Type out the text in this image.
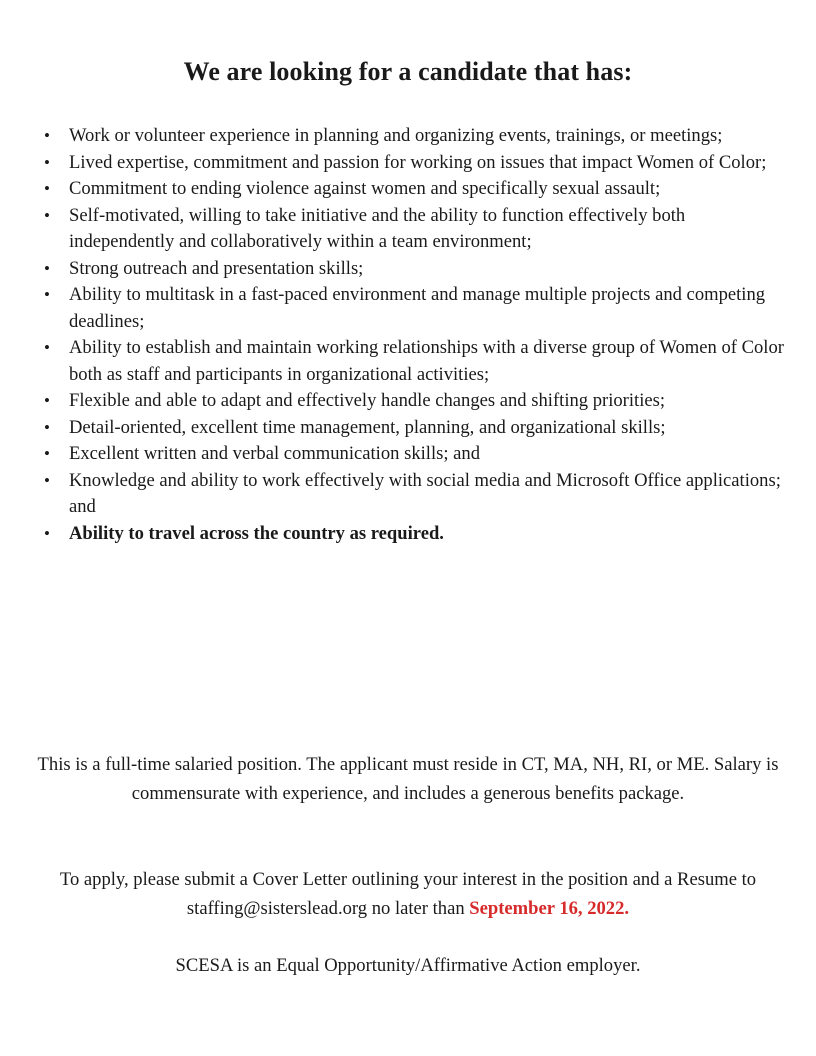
We are looking for a candidate that has:
• Work or volunteer experience in planning and organizing events, trainings, or meetings;
• Lived expertise, commitment and passion for working on issues that impact Women of Color;
• Commitment to ending violence against women and specifically sexual assault;
• Self-motivated, willing to take initiative and the ability to function effectively both independently and collaboratively within a team environment;
• Strong outreach and presentation skills;
• Ability to multitask in a fast-paced environment and manage multiple projects and competing deadlines;
• Ability to establish and maintain working relationships with a diverse group of Women of Color both as staff and participants in organizational activities;
• Flexible and able to adapt and effectively handle changes and shifting priorities;
• Detail-oriented, excellent time management, planning, and organizational skills;
• Excellent written and verbal communication skills; and
• Knowledge and ability to work effectively with social media and Microsoft Office applications; and
• Ability to travel across the country as required.

This is a full-time salaried position. The applicant must reside in CT, MA, NH, RI, or ME. Salary is commensurate with experience, and includes a generous benefits package.

To apply, please submit a Cover Letter outlining your interest in the position and a Resume to staffing@sisterslead.org no later than September 16, 2022.

SCESA is an Equal Opportunity/Affirmative Action employer.
